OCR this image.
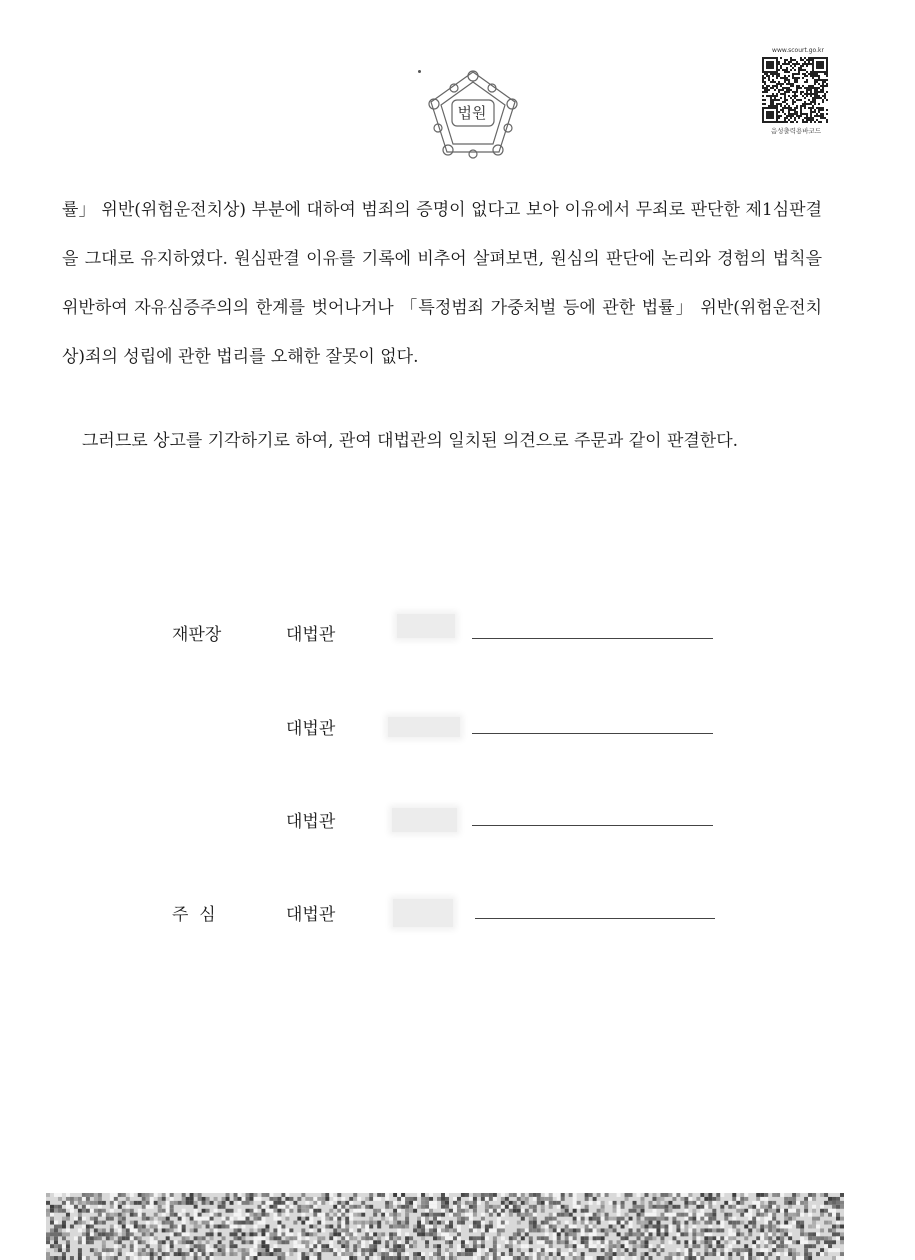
법원
www.scourt.go.kr
음성출력용바코드

률」 위반(위험운전치상) 부분에 대하여 범죄의 증명이 없다고 보아 이유에서 무죄로 판단한 제1심판결을 그대로 유지하였다. 원심판결 이유를 기록에 비추어 살펴보면, 원심의 판단에 논리와 경험의 법칙을 위반하여 자유심증주의의 한계를 벗어나거나 「특정범죄 가중처벌 등에 관한 법률」 위반(위험운전치상)죄의 성립에 관한 법리를 오해한 잘못이 없다.

그러므로 상고를 기각하기로 하여, 관여 대법관의 일치된 의견으로 주문과 같이 판결한다.

재판장	대법관
대법관
대법관
주  심	대법관
